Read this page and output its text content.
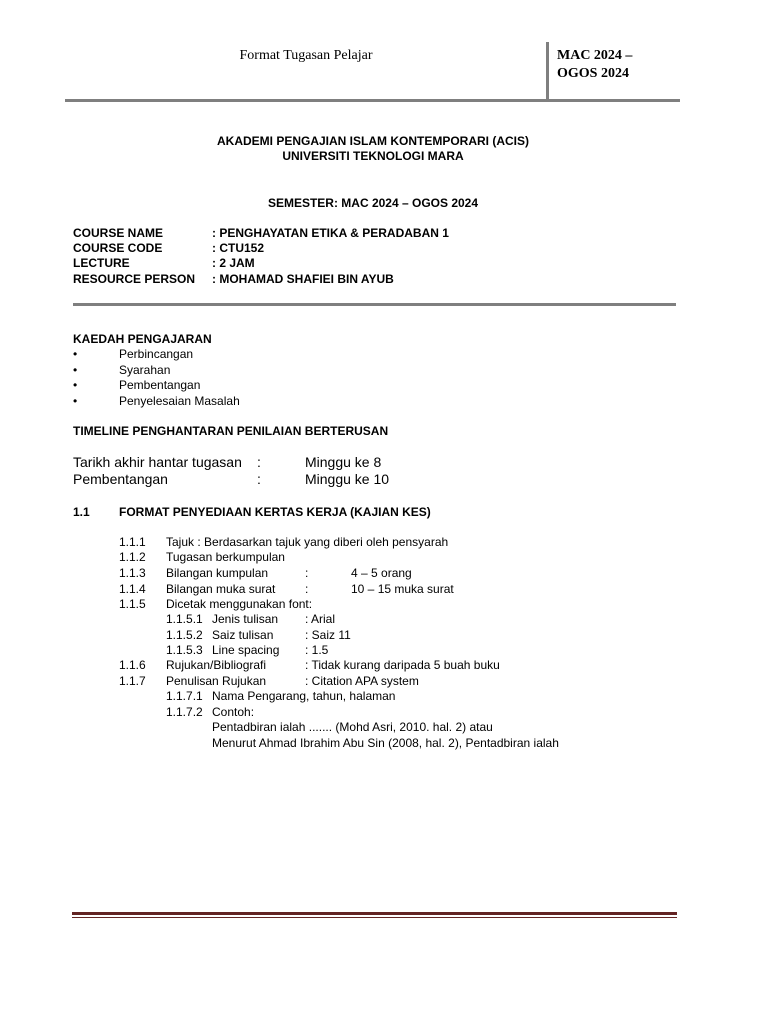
Format Tugasan Pelajar	MAC 2024 –
OGOS 2024
AKADEMI PENGAJIAN ISLAM KONTEMPORARI (ACIS)
UNIVERSITI TEKNOLOGI MARA
SEMESTER: MAC 2024 – OGOS 2024
COURSE NAME	: PENGHAYATAN ETIKA & PERADABAN 1
COURSE CODE	: CTU152
LECTURE	: 2 JAM
RESOURCE PERSON : MOHAMAD SHAFIEI BIN AYUB
KAEDAH PENGAJARAN
•	Perbincangan
•	Syarahan
•	Pembentangan
•	Penyelesaian Masalah
TIMELINE PENGHANTARAN PENILAIAN BERTERUSAN
Tarikh akhir hantar tugasan :	Minggu ke 8
Pembentangan	:	Minggu ke 10
1.1 FORMAT PENYEDIAAN KERTAS KERJA (KAJIAN KES)
1.1.1 Tajuk : Berdasarkan tajuk yang diberi oleh pensyarah
1.1.2 Tugasan berkumpulan
1.1.3 Bilangan kumpulan	:	4 – 5 orang
1.1.4 Bilangan muka surat :	10 – 15 muka surat
1.1.5 Dicetak menggunakan font:
1.1.5.1 Jenis tulisan : Arial
1.1.5.2 Saiz tulisan	: Saiz 11
1.1.5.3 Line spacing : 1.5
1.1.6 Rujukan/Bibliografi	: Tidak kurang daripada 5 buah buku
1.1.7 Penulisan Rujukan	: Citation APA system
1.1.7.1 Nama Pengarang, tahun, halaman
1.1.7.2 Contoh:
Pentadbiran ialah ....... (Mohd Asri, 2010. hal. 2) atau
Menurut Ahmad Ibrahim Abu Sin (2008, hal. 2), Pentadbiran ialah
